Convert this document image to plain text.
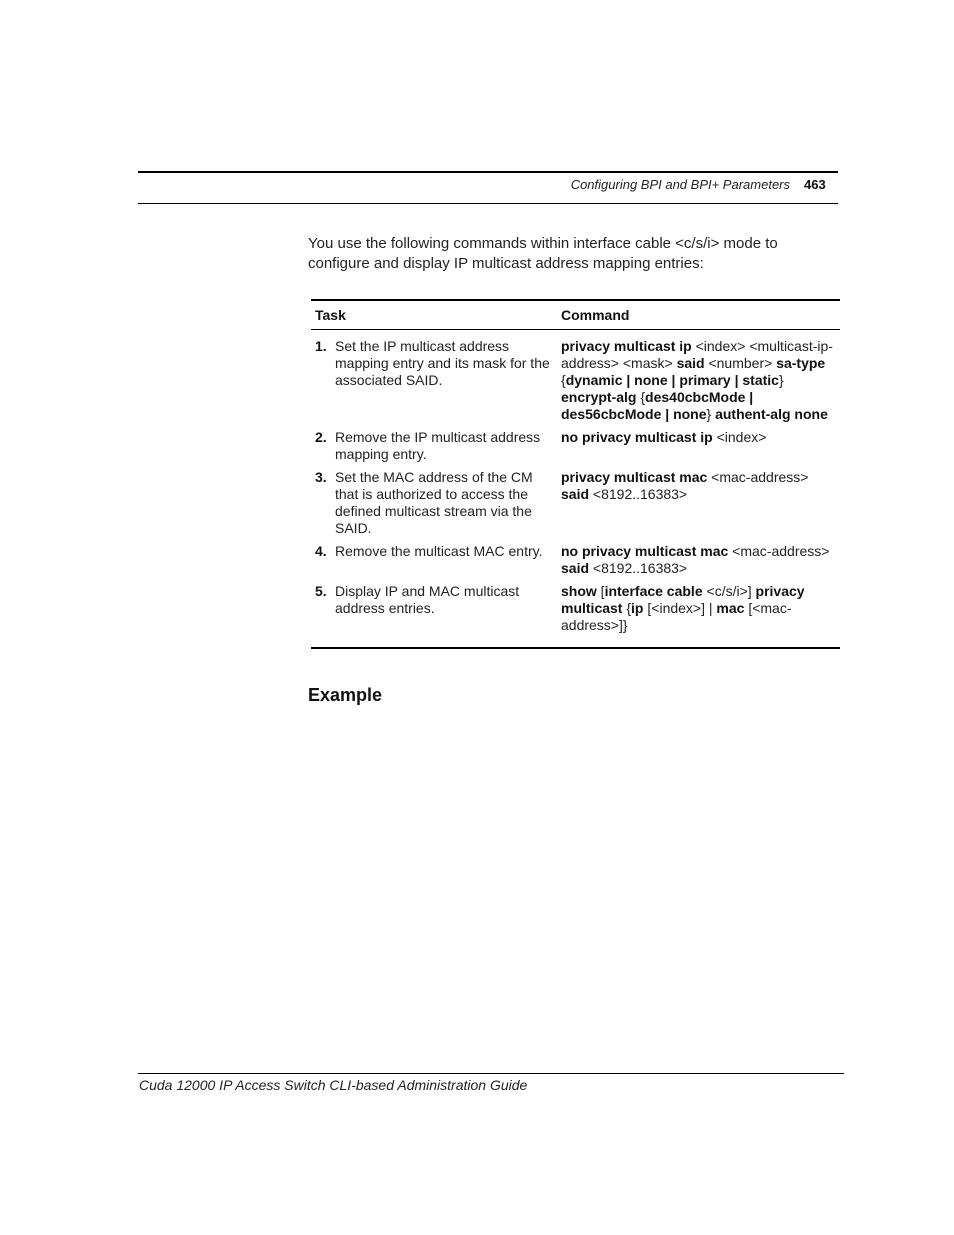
Configuring BPI and BPI+ Parameters 463

You use the following commands within interface cable <c/s/i> mode to configure and display IP multicast address mapping entries:

Task	Command
1. Set the IP multicast address mapping entry and its mask for the associated SAID.
privacy multicast ip <index> <multicast-ip-address> <mask> said <number> sa-type {dynamic | none | primary | static} encrypt-alg {des40cbcMode | des56cbcMode | none} authent-alg none
2. Remove the IP multicast address mapping entry.
no privacy multicast ip <index>
3. Set the MAC address of the CM that is authorized to access the defined multicast stream via the SAID.
privacy multicast mac <mac-address> said <8192..16383>
4. Remove the multicast MAC entry. no privacy multicast mac <mac-address> said <8192..16383>
5. Display IP and MAC multicast address entries.
show [interface cable <c/s/i>] privacy multicast {ip [<index>] | mac [<mac-address>]}
Example
Cuda 12000 IP Access Switch CLI-based Administration Guide
